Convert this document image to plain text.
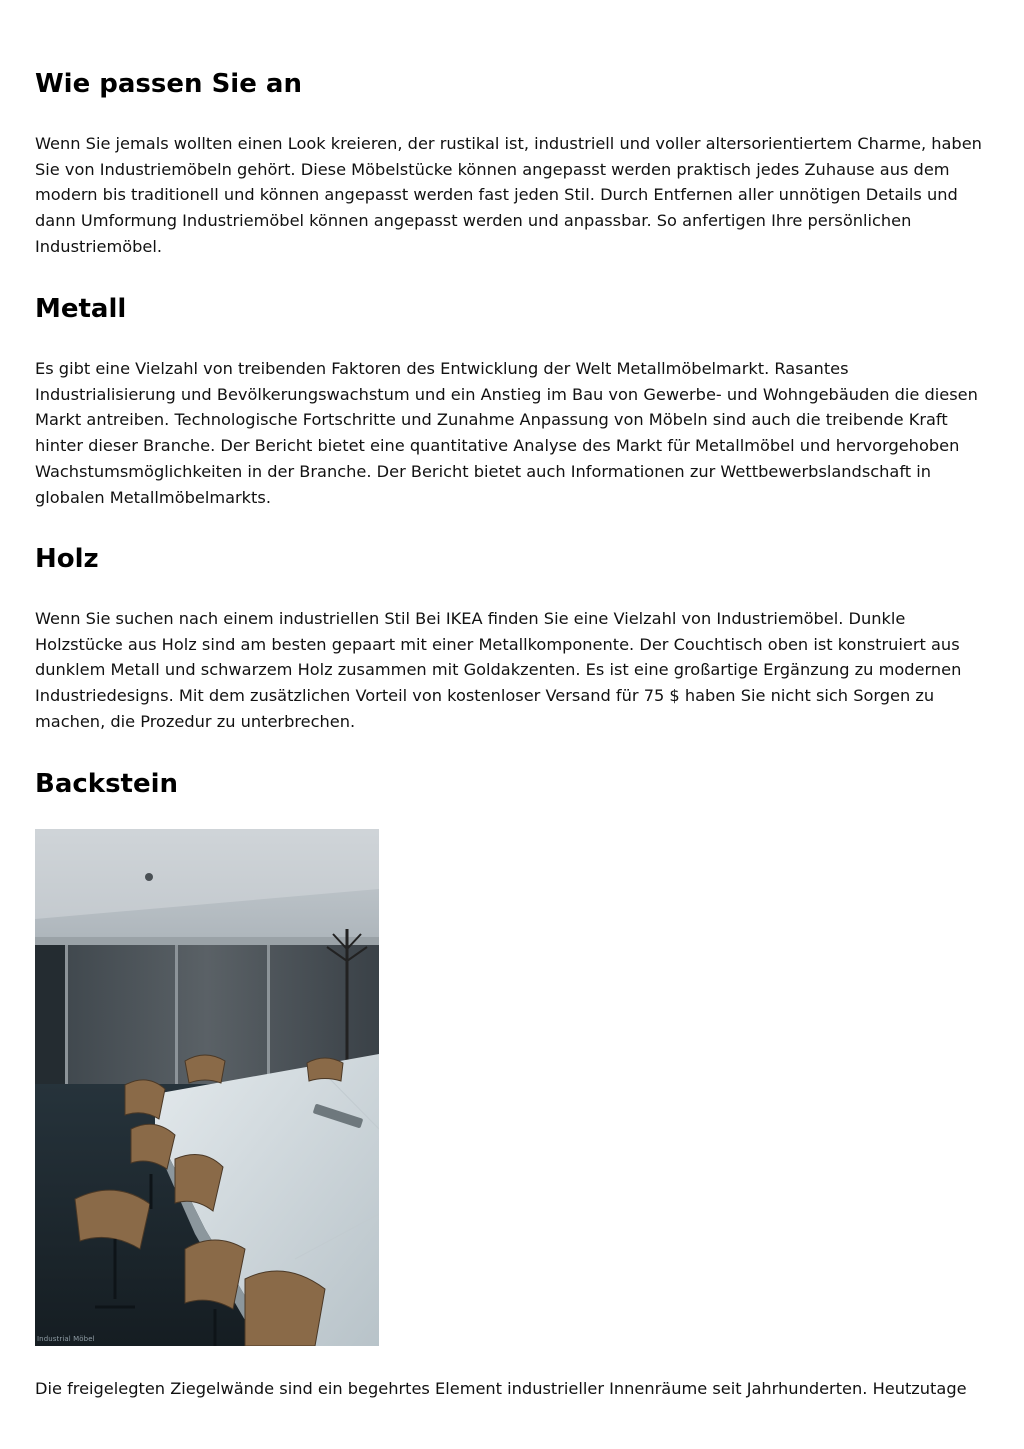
Wie passen Sie an

Wenn Sie jemals wollten einen Look kreieren, der rustikal ist, industriell und voller altersorientiertem Charme, haben Sie von Industriemöbeln gehört. Diese Möbelstücke können angepasst werden praktisch jedes Zuhause aus dem modern bis traditionell und können angepasst werden fast jeden Stil. Durch Entfernen aller unnötigen Details und dann Umformung Industriemöbel können angepasst werden und anpassbar. So anfertigen Ihre persönlichen Industriemöbel.

Metall

Es gibt eine Vielzahl von treibenden Faktoren des Entwicklung der Welt Metallmöbelmarkt. Rasantes Industrialisierung und Bevölkerungswachstum und ein Anstieg im Bau von Gewerbe- und Wohngebäuden die diesen Markt antreiben. Technologische Fortschritte und Zunahme Anpassung von Möbeln sind auch die treibende Kraft hinter dieser Branche. Der Bericht bietet eine quantitative Analyse des Markt für Metallmöbel und hervorgehoben Wachstumsmöglichkeiten in der Branche. Der Bericht bietet auch Informationen zur Wettbewerbslandschaft in globalen Metallmöbelmarkts.

Holz

Wenn Sie suchen nach einem industriellen Stil Bei IKEA finden Sie eine Vielzahl von Industriemöbel. Dunkle Holzstücke aus Holz sind am besten gepaart mit einer Metallkomponente. Der Couchtisch oben ist konstruiert aus dunklem Metall und schwarzem Holz zusammen mit Goldakzenten. Es ist eine großartige Ergänzung zu modernen Industriedesigns. Mit dem zusätzlichen Vorteil von kostenloser Versand für 75 $ haben Sie nicht sich Sorgen zu machen, die Prozedur zu unterbrechen.

Backstein
Industrial Möbel

Die freigelegten Ziegelwände sind ein begehrtes Element industrieller Innenräume seit Jahrhunderten. Heutzutage
